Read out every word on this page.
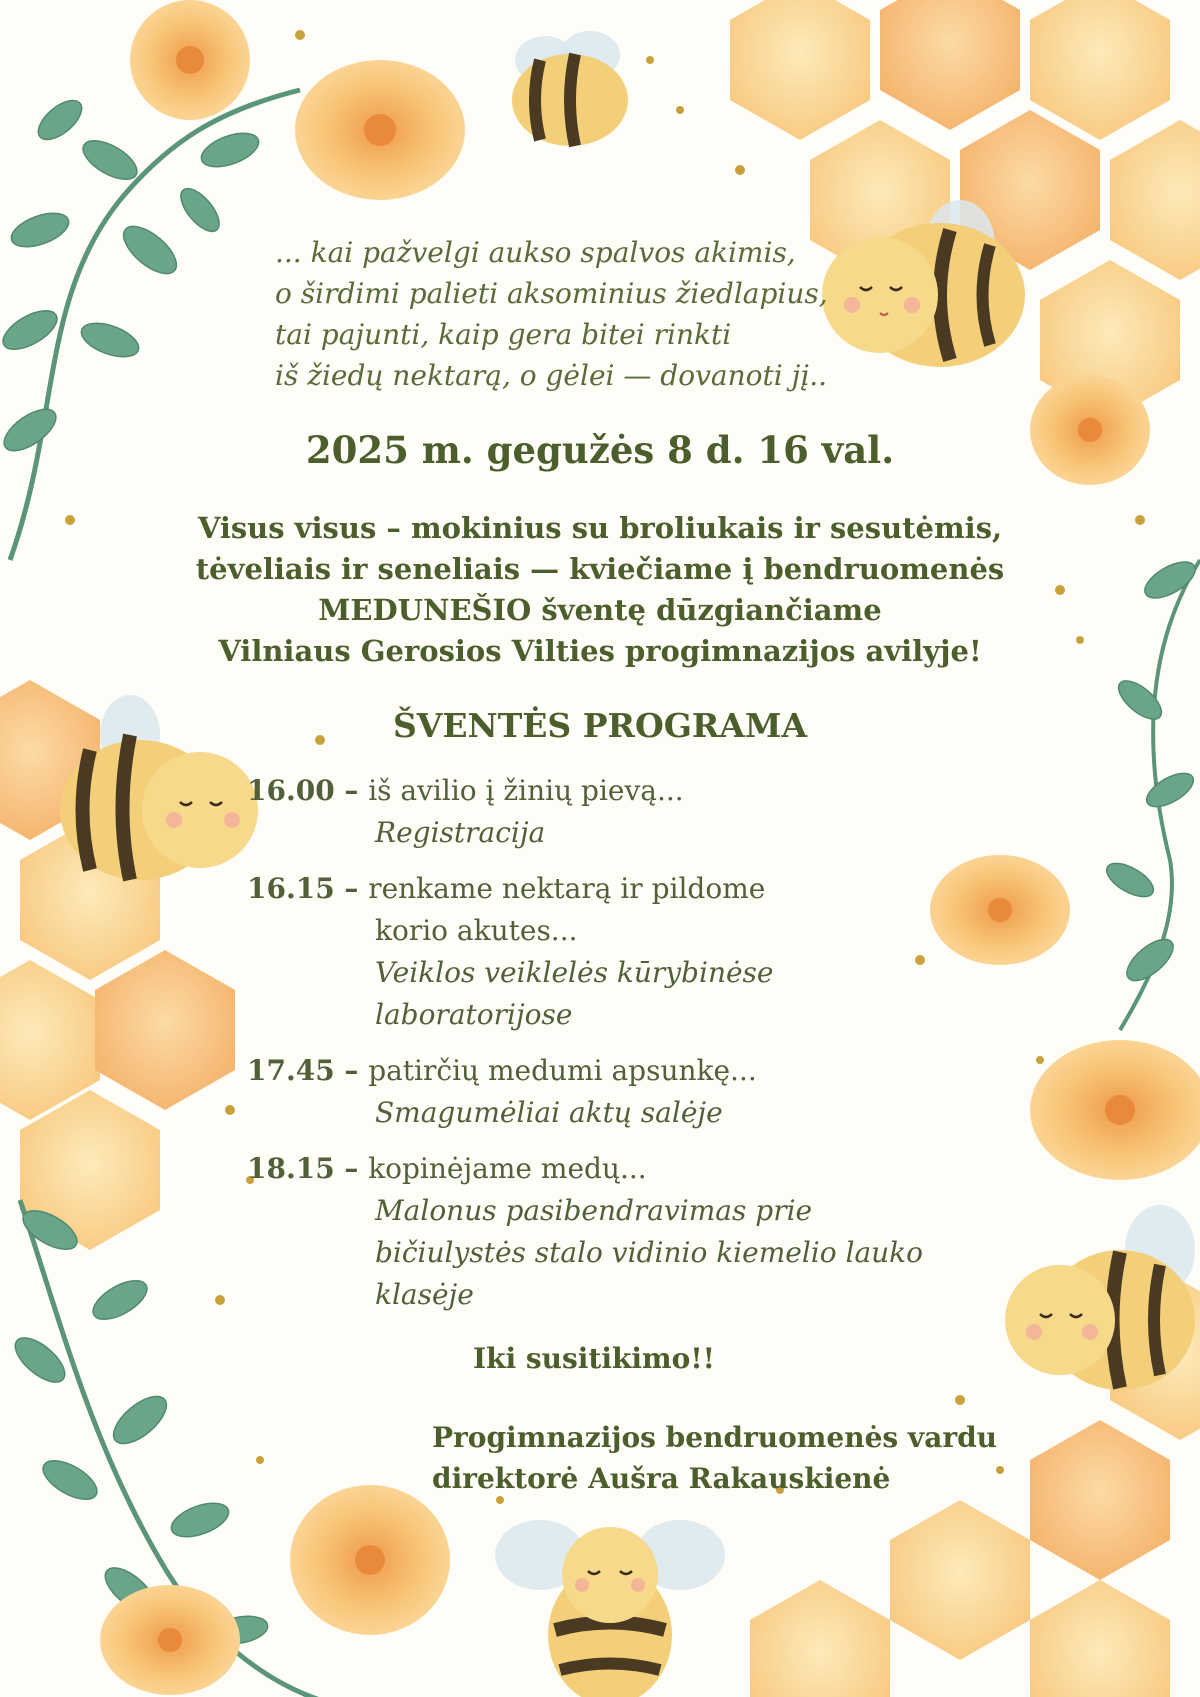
... kai pažvelgi aukso spalvos akimis,
o širdimi palieti aksominius žiedlapius,
tai pajunti, kaip gera bitei rinkti
iš žiedų nektarą, o gėlei — dovanoti jį..
2025 m. gegužės 8 d. 16 val.
Visus visus – mokinius su broliukais ir sesutėmis,
tėveliais ir seneliais — kviečiame į bendruomenės
MEDUNEŠIO šventę dūzgiančiame
Vilniaus Gerosios Vilties progimnazijos avilyje!
ŠVENTĖS PROGRAMA
16.00 – iš avilio į žinių pievą...
Registracija
16.15 – renkame nektarą ir pildome
korio akutes...
Veiklos veiklelės kūrybinėse
laboratorijose
17.45 – patirčių medumi apsunkę...
Smagumėliai aktų salėje
18.15 – kopinėjame medų...
Malonus pasibendravimas prie
bičiulystės stalo vidinio kiemelio lauko
klasėje
Iki susitikimo!!
Progimnazijos bendruomenės vardu
direktorė Aušra Rakauskienė
